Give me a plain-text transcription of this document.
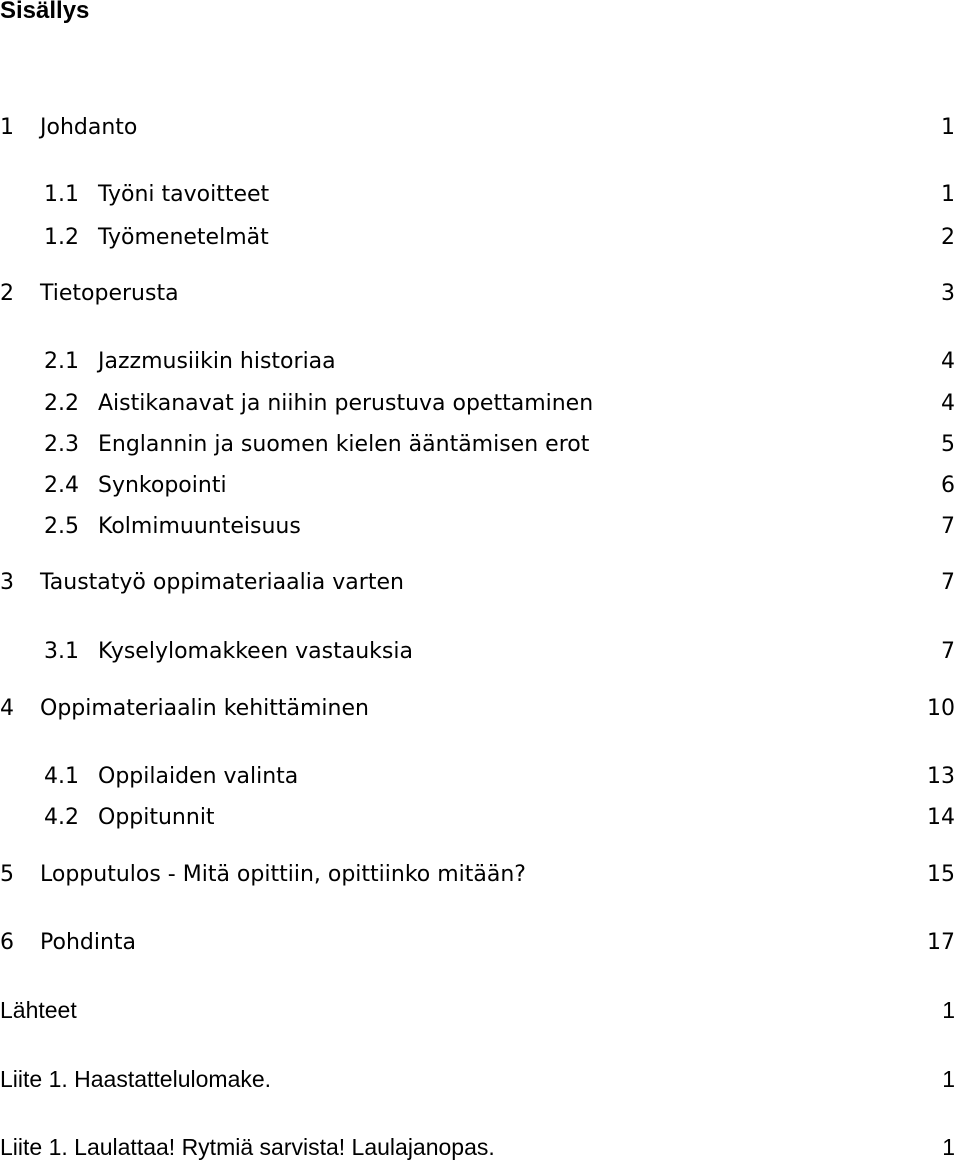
Sisällys
1 Johdanto	1
1.1 Työni tavoitteet	1
1.2 Työmenetelmät	2
2 Tietoperusta	3
2.1 Jazzmusiikin historiaa	4
2.2 Aistikanavat ja niihin perustuva opettaminen	4
2.3 Englannin ja suomen kielen ääntämisen erot	5
2.4 Synkopointi	6
2.5 Kolmimuunteisuus	7
3 Taustatyö oppimateriaalia varten	7
3.1 Kyselylomakkeen vastauksia	7
4 Oppimateriaalin kehittäminen	10
4.1 Oppilaiden valinta	13
4.2 Oppitunnit	14
5 Lopputulos - Mitä opittiin, opittiinko mitään?	15
6 Pohdinta	17
Lähteet	1
Liite 1. Haastattelulomake.	1
Liite 1. Laulattaa! Rytmiä sarvista! Laulajanopas.	1
